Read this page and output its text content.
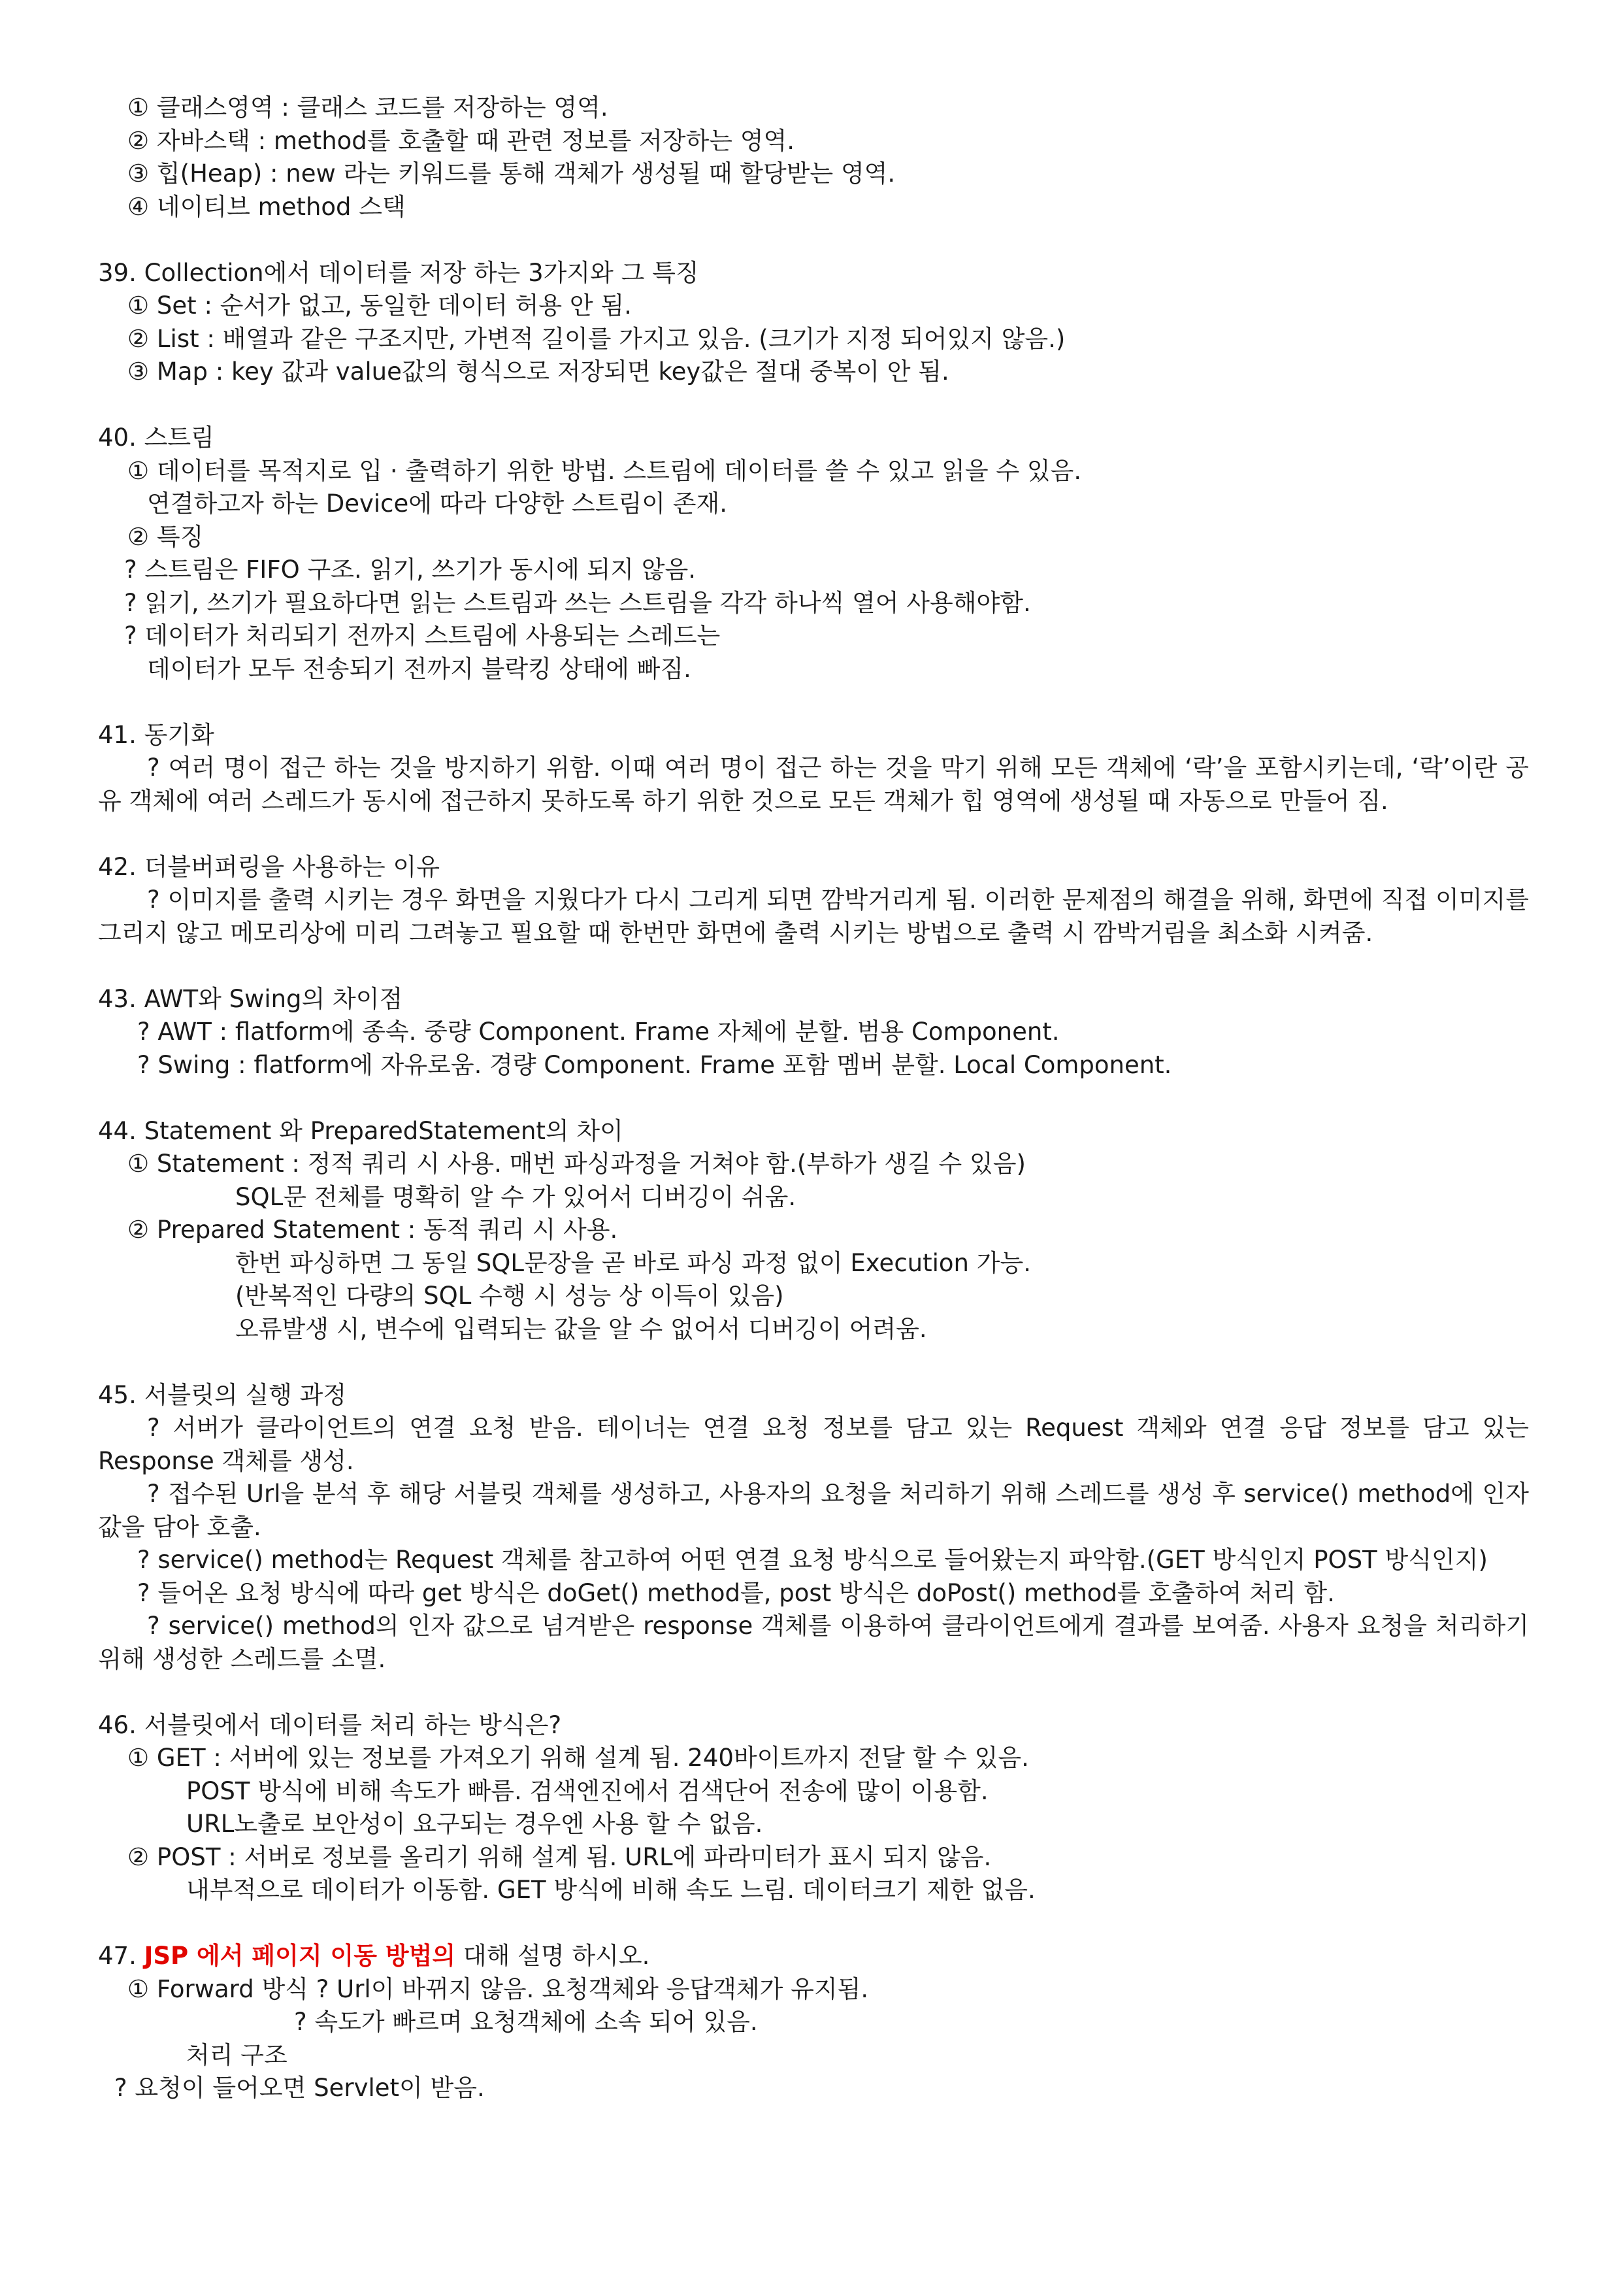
① 클래스영역 : 클래스 코드를 저장하는 영역.
② 자바스택 : method를 호출할 때 관련 정보를 저장하는 영역.
③ 힙(Heap) : new 라는 키워드를 통해 객체가 생성될 때 할당받는 영역.
④ 네이티브 method 스택
39. Collection에서 데이터를 저장 하는 3가지와 그 특징
① Set : 순서가 없고, 동일한 데이터 허용 안 됨.
② List : 배열과 같은 구조지만, 가변적 길이를 가지고 있음. (크기가 지정 되어있지 않음.)
③ Map : key 값과 value값의 형식으로 저장되면 key값은 절대 중복이 안 됨.
40. 스트림
① 데이터를 목적지로 입 · 출력하기 위한 방법. 스트림에 데이터를 쓸 수 있고 읽을 수 있음.
연결하고자 하는 Device에 따라 다양한 스트림이 존재.
② 특징
? 스트림은 FIFO 구조. 읽기, 쓰기가 동시에 되지 않음.
? 읽기, 쓰기가 필요하다면 읽는 스트림과 쓰는 스트림을 각각 하나씩 열어 사용해야함.
? 데이터가 처리되기 전까지 스트림에 사용되는 스레드는
데이터가 모두 전송되기 전까지 블락킹 상태에 빠짐.
41. 동기화
? 여러 명이 접근 하는 것을 방지하기 위함. 이때 여러 명이 접근 하는 것을 막기 위해 모든 객체에 ‘락’을 포함시키는데, ‘락’이란 공유 객체에 여러 스레드가 동시에 접근하지 못하도록 하기 위한 것으로 모든 객체가 힙 영역에 생성될 때 자동으로 만들어 짐.
42. 더블버퍼링을 사용하는 이유
? 이미지를 출력 시키는 경우 화면을 지웠다가 다시 그리게 되면 깜박거리게 됨. 이러한 문제점의 해결을 위해, 화면에 직접 이미지를 그리지 않고 메모리상에 미리 그려놓고 필요할 때 한번만 화면에 출력 시키는 방법으로 출력 시 깜박거림을 최소화 시켜줌.
43. AWT와 Swing의 차이점
? AWT : flatform에 종속. 중량 Component. Frame 자체에 분할. 범용 Component.
? Swing : flatform에 자유로움. 경량 Component. Frame 포함 멤버 분할. Local Component.
44. Statement 와 PreparedStatement의 차이
① Statement : 정적 쿼리 시 사용. 매번 파싱과정을 거쳐야 함.(부하가 생길 수 있음)
SQL문 전체를 명확히 알 수 가 있어서 디버깅이 쉬움.
② Prepared Statement : 동적 쿼리 시 사용.
한번 파싱하면 그 동일 SQL문장을 곧 바로 파싱 과정 없이 Execution 가능.
(반복적인 다량의 SQL 수행 시 성능 상 이득이 있음)
오류발생 시, 변수에 입력되는 값을 알 수 없어서 디버깅이 어려움.
45. 서블릿의 실행 과정
? 서버가 클라이언트의 연결 요청 받음. 테이너는 연결 요청 정보를 담고 있는 Request 객체와 연결 응답 정보를 담고 있는 Response 객체를 생성.
? 접수된 Url을 분석 후 해당 서블릿 객체를 생성하고, 사용자의 요청을 처리하기 위해 스레드를 생성 후 service() method에 인자 값을 담아 호출.
? service() method는 Request 객체를 참고하여 어떤 연결 요청 방식으로 들어왔는지 파악함.(GET 방식인지 POST 방식인지)
? 들어온 요청 방식에 따라 get 방식은 doGet() method를, post 방식은 doPost() method를 호출하여 처리 함.
? service() method의 인자 값으로 넘겨받은 response 객체를 이용하여 클라이언트에게 결과를 보여줌. 사용자 요청을 처리하기 위해 생성한 스레드를 소멸.
46. 서블릿에서 데이터를 처리 하는 방식은?
① GET : 서버에 있는 정보를 가져오기 위해 설계 됨. 240바이트까지 전달 할 수 있음.
POST 방식에 비해 속도가 빠름. 검색엔진에서 검색단어 전송에 많이 이용함.
URL노출로 보안성이 요구되는 경우엔 사용 할 수 없음.
② POST : 서버로 정보를 올리기 위해 설계 됨. URL에 파라미터가 표시 되지 않음.
내부적으로 데이터가 이동함. GET 방식에 비해 속도 느림. 데이터크기 제한 없음.
47. JSP 에서 페이지 이동 방법의 대해 설명 하시오.
① Forward 방식 ? Url이 바뀌지 않음. 요청객체와 응답객체가 유지됨.
? 속도가 빠르며 요청객체에 소속 되어 있음.
처리 구조
? 요청이 들어오면 Servlet이 받음.
